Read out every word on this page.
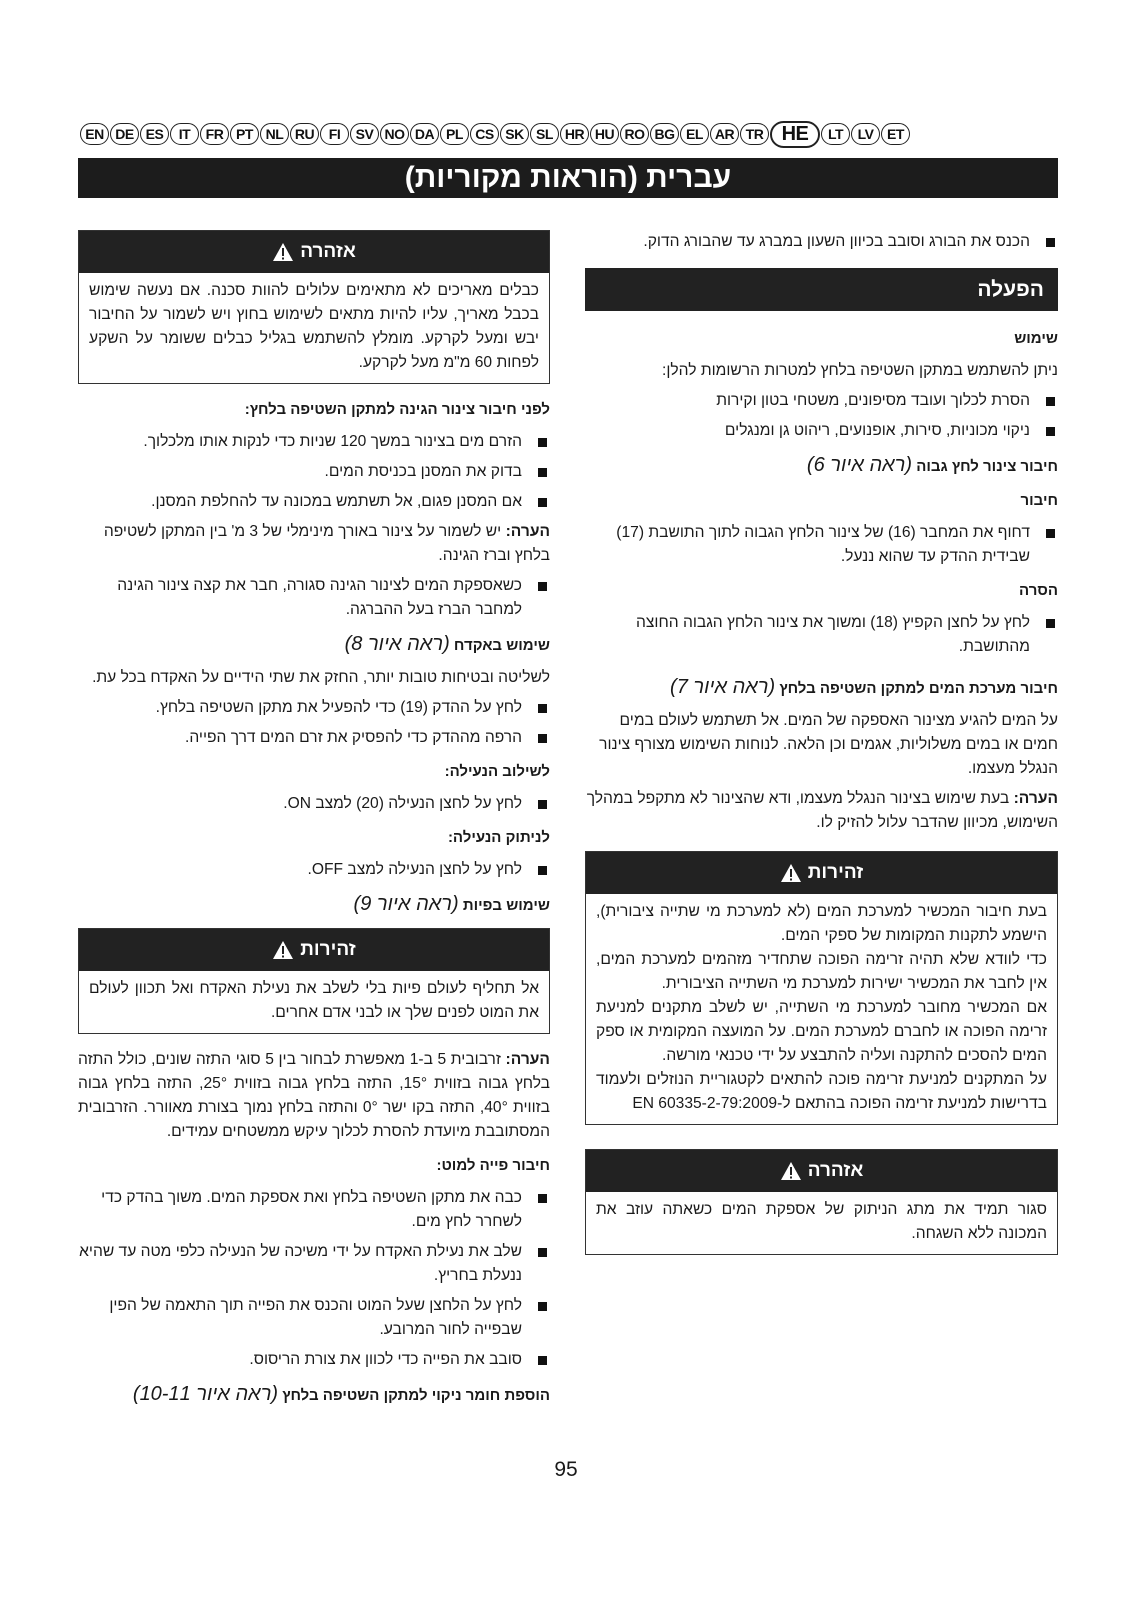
EN DE ES	IT	FR PT NL RU	FI	SV NO DA PL CS SK SL HR HU RO BG EL AR TR HE	LT	LV ET
עברית (הוראות מקוריות)
הכנס את הבורג וסובב בכיוון השעון במברג עד שהבורג הדוק.
הפעלה
שימוש

ניתן להשתמש במתקן השטיפה בלחץ למטרות הרשומות להלן:

הסרת לכלוך ועובד מסיפונים, משטחי בטון וקירות
ניקוי מכוניות, סירות, אופנועים, ריהוט גן ומנגלים
חיבור צינור לחץ גבוה (ראה איור 6)
חיבור
דחוף את המחבר (16) של צינור הלחץ הגבוה לתוך התושבת (17) שבידית ההדק עד שהוא ננעל.
הסרה
לחץ על לחצן הקפיץ (18) ומשוך את צינור הלחץ הגבוה החוצה מהתושבת.
חיבור מערכת המים למתקן השטיפה בלחץ (ראה איור 7)

על המים להגיע מצינור האספקה של המים. אל תשתמש לעולם במים חמים או במים משלוליות, אגמים וכן הלאה. לנוחות השימוש מצורף צינור הנגלל מעצמו.

הערה: בעת שימוש בצינור הנגלל מעצמו, ודא שהצינור לא מתקפל במהלך השימוש, מכיוון שהדבר עלול להזיק לו.

זהירות
בעת חיבור המכשיר למערכת המים (לא למערכת מי שתייה ציבורית), הישמע לתקנות המקומות של ספקי המים.
כדי לוודא שלא תהיה זרימה הפוכה שתחדיר מזהמים למערכת המים, אין לחבר את המכשיר ישירות למערכת מי השתייה הציבורית.
אם המכשיר מחובר למערכת מי השתייה, יש לשלב מתקנים למניעת זרימה הפוכה או לחברם למערכת המים. על המועצה המקומית או ספק המים להסכים להתקנה ועליה להתבצע על ידי טכנאי מורשה.
על המתקנים למניעת זרימה פוכה להתאים לקטגוריית הנוזלים ולעמוד בדרישות למניעת זרימה הפוכה בהתאם ל-EN 60335-2-79:2009
אזהרה
סגור תמיד את מתג הניתוק של אספקת המים כשאתה עוזב את המכונה ללא השגחה.
אזהרה
כבלים מאריכים לא מתאימים עלולים להוות סכנה. אם נעשה שימוש בכבל מאריך, עליו להיות מתאים לשימוש בחוץ ויש לשמור על החיבור יבש ומעל לקרקע. מומלץ להשתמש בגליל כבלים ששומר על השקע לפחות 60 מ"מ מעל לקרקע.
לפני חיבור צינור הגינה למתקן השטיפה בלחץ:
הזרם מים בצינור במשך 120 שניות כדי לנקות אותו מלכלוך.
בדוק את המסנן בכניסת המים.
אם המסנן פגום, אל תשתמש במכונה עד להחלפת המסנן.

הערה: יש לשמור על צינור באורך מינימלי של 3 מ' בין המתקן לשטיפה בלחץ וברז הגינה.

כשאספקת המים לצינור הגינה סגורה, חבר את קצה צינור הגינה למחבר הברז בעל ההברגה.
שימוש באקדח (ראה איור 8)

לשליטה ובטיחות טובות יותר, החזק את שתי הידיים על האקדח בכל עת.

לחץ על ההדק (19) כדי להפעיל את מתקן השטיפה בלחץ.
הרפה מההדק כדי להפסיק את זרם המים דרך הפייה.
לשילוב הנעילה:
לחץ על לחצן הנעילה (20) למצב ON.
לניתוק הנעילה:
לחץ על לחצן הנעילה למצב OFF.
שימוש בפיות (ראה איור 9)
זהירות
אל תחליף לעולם פיות בלי לשלב את נעילת האקדח ואל תכוון לעולם את המוט לפנים שלך או לבני אדם אחרים.

הערה: זרבובית 5 ב-1 מאפשרת לבחור בין 5 סוגי התזה שונים, כולל התזה בלחץ גבוה בזווית 15°, התזה בלחץ גבוה בזווית 25°, התזה בלחץ גבוה בזווית 40°, התזה בקו ישר 0° והתזה בלחץ נמוך בצורת מאוורר. הזרבובית המסתובבת מיועדת להסרת לכלוך עיקש ממשטחים עמידים.

חיבור פייה למוט:
כבה את מתקן השטיפה בלחץ ואת אספקת המים. משוך בהדק כדי לשחרר לחץ מים.
שלב את נעילת האקדח על ידי משיכה של הנעילה כלפי מטה עד שהיא ננעלת בחריץ.
לחץ על הלחצן שעל המוט והכנס את הפייה תוך התאמה של הפין שבפייה לחור המרובע.
סובב את הפייה כדי לכוון את צורת הריסוס.
הוספת חומר ניקוי למתקן השטיפה בלחץ (ראה איור 10-11)
95
